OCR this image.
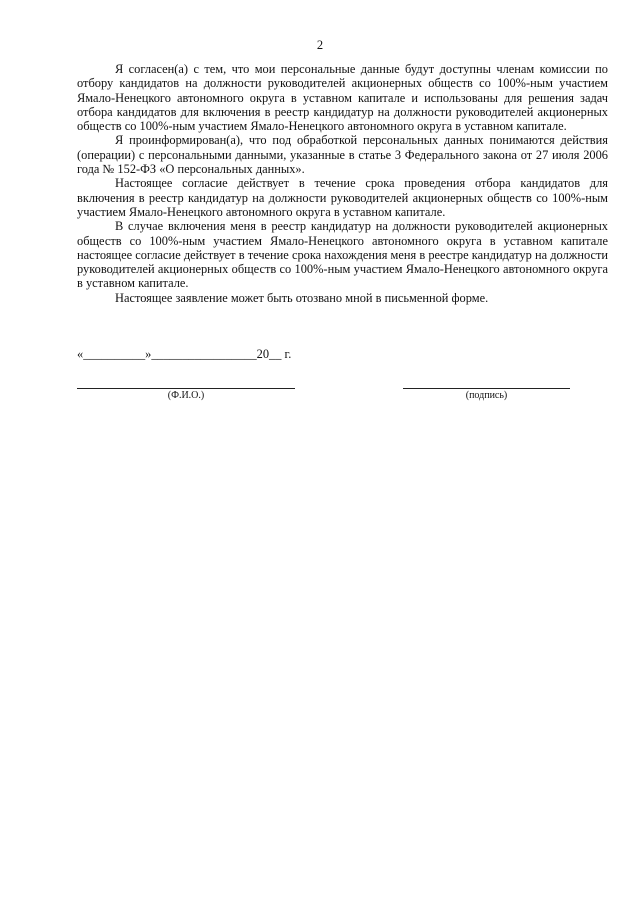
2

Я согласен(а) с тем, что мои персональные данные будут доступны членам комиссии по отбору кандидатов на должности руководителей акционерных обществ со 100%-ным участием Ямало-Ненецкого автономного округа в уставном капитале и использованы для решения задач отбора кандидатов для включения в реестр кандидатур на должности руководителей акционерных обществ со 100%-ным участием Ямало-Ненецкого автономного округа в уставном капитале.

Я проинформирован(а), что под обработкой персональных данных понимаются действия (операции) с персональными данными, указанные в статье 3 Федерального закона от 27 июля 2006 года № 152-ФЗ «О персональных данных».

Настоящее согласие действует в течение срока проведения отбора кандидатов для включения в реестр кандидатур на должности руководителей акционерных обществ со 100%-ным участием Ямало-Ненецкого автономного округа в уставном капитале.

В случае включения меня в реестр кандидатур на должности руководителей акционерных обществ со 100%-ным участием Ямало-Ненецкого автономного округа в уставном капитале настоящее согласие действует в течение срока нахождения меня в реестре кандидатур на должности руководителей акционерных обществ со 100%-ным участием Ямало-Ненецкого автономного округа в уставном капитале.

Настоящее заявление может быть отозвано мной в письменной форме.

«__________»_________________20__ г.
(Ф.И.О.)	(подпись)
